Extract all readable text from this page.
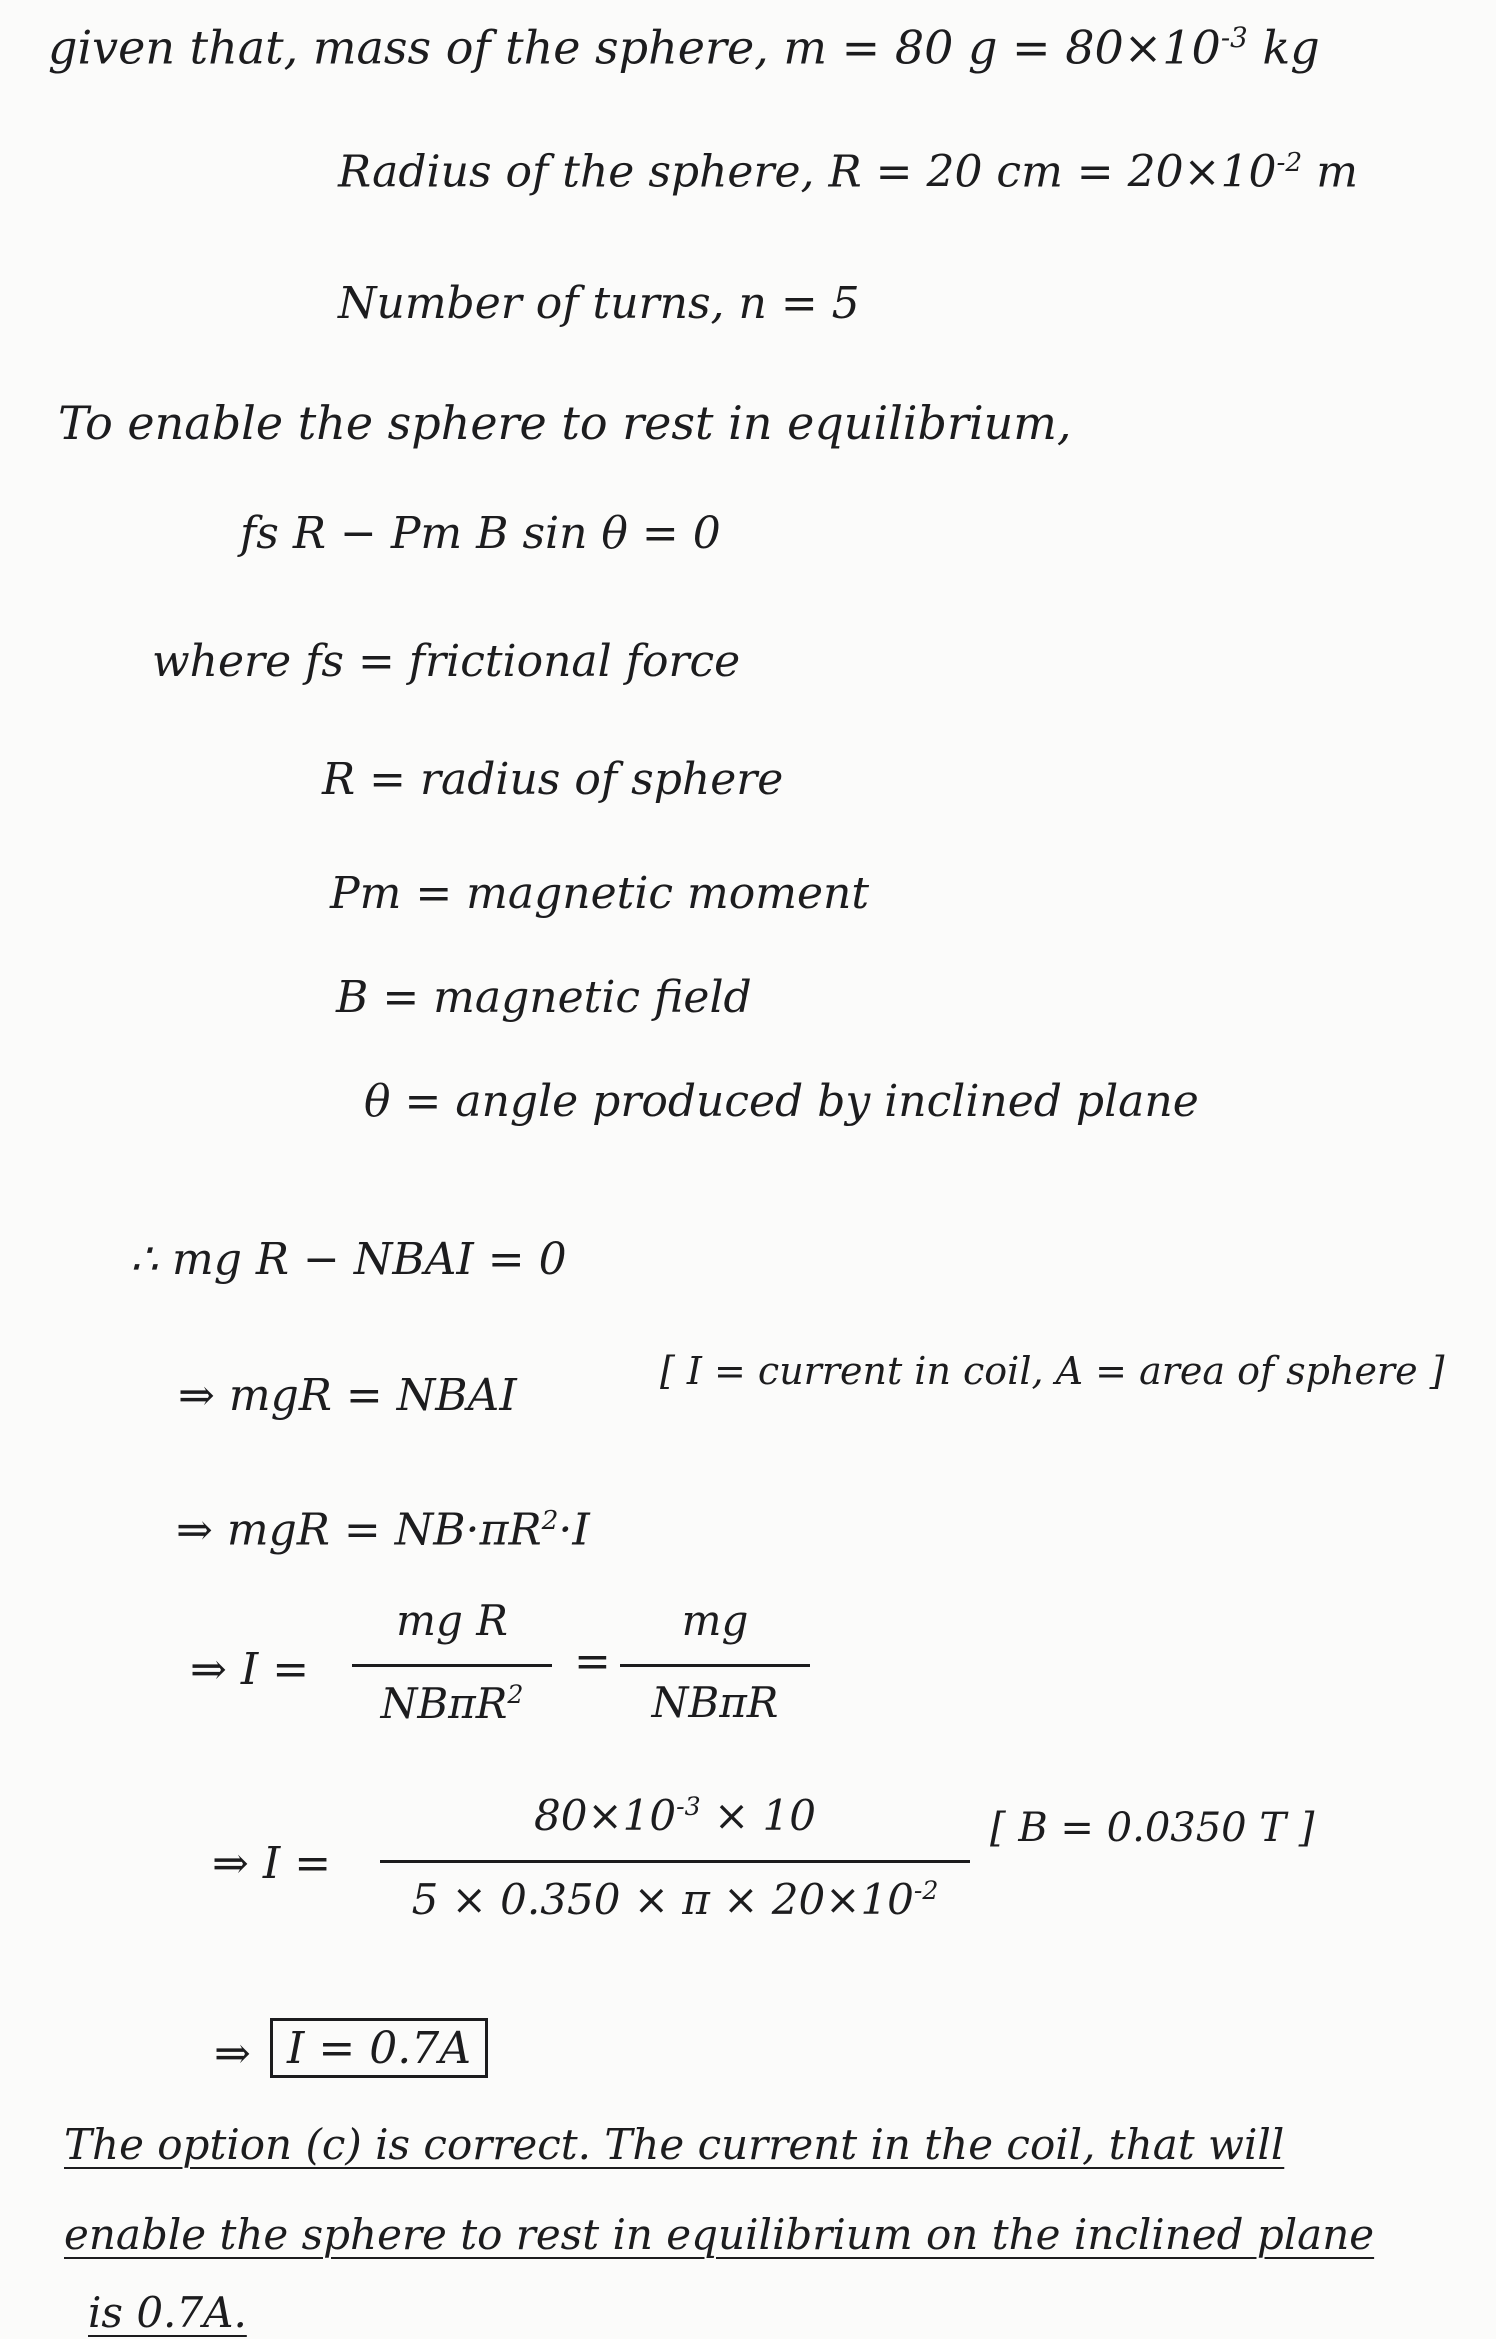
given that, mass of the sphere, m = 80 $g = 80\times 10^{-3}$ kg
Radius of the sphere, R = 20 cm = $20\times 10^{-2}$ m
Number of turns, n = 5
To enable the sphere to rest in equilibrium,
fs R − Pm B sin θ = 0
where fs = frictional force
R = radius of sphere
Pm = magnetic moment
B = magnetic field
θ = angle produced by inclined plane
∴ mg R − NBAI = 0
⇒ mgR = NBAI	[ I = current in coil, A = area of sphere ]
⇒ mgR = $NB\cdot\pi R^2\cdot I$
⇒ I =
mg R
NBπR$^2$
=
mg
NBπR
⇒ I =
$80\times 10^{-3} \times 10$
$5 \times 0.350 \times \pi \times 20\times 10^{-2}$
[ B = 0.0350 T ]
⇒ I = 0.7A
The option (c) is correct. The current in the coil, that will
enable the sphere to rest in equilibrium on the inclined plane
is 0.7A.
